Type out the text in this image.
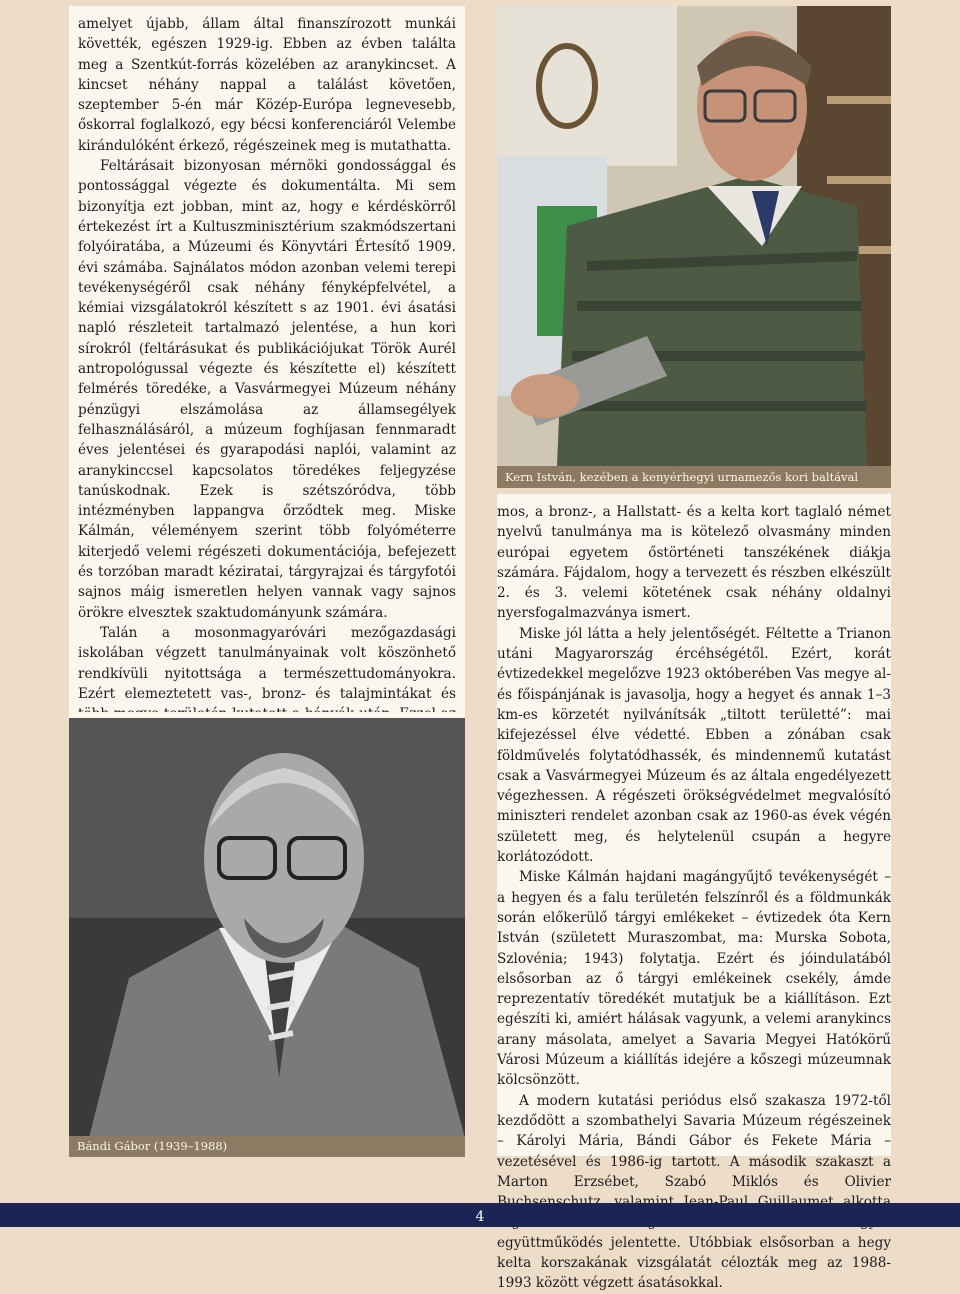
amelyet újabb, állam által finanszírozott munkái követték, egészen 1929-ig. Ebben az évben találta meg a Szentkút-forrás közelében az aranykincset. A kincset néhány nappal a találást követően, szeptember 5-én már Közép-Európa legnevesebb, őskorral foglalkozó, egy bécsi konferenciáról Velembe kirándulóként érkező, régészeinek meg is mutathatta.

Feltárásait bizonyosan mérnöki gondossággal és pontossággal végezte és dokumentálta. Mi sem bizonyítja ezt jobban, mint az, hogy e kérdéskörről értekezést írt a Kultuszminisztérium szakmódszertani folyóiratába, a Múzeumi és Könyvtári Értesítő 1909. évi számába. Sajnálatos módon azonban velemi terepi tevékenységéről csak néhány fényképfelvétel, a kémiai vizsgálatokról készített s az 1901. évi ásatási napló részleteit tartalmazó jelentése, a hun kori sírokról (feltárásukat és publikációjukat Török Aurél antropológussal végezte és készítette el) készített felmérés töredéke, a Vasvármegyei Múzeum néhány pénzügyi elszámolása az államsegélyek felhasználásáról, a múzeum foghíjasan fennmaradt éves jelentései és gyarapodási naplói, valamint az aranykinccsel kapcsolatos töredékes feljegyzése tanúskodnak. Ezek is szétszóródva, több intézményben lappangva őrződtek meg. Miske Kálmán, véleményem szerint több folyóméterre kiterjedő velemi régészeti dokumentációja, befejezett és torzóban maradt kéziratai, tárgyrajzai és tárgyfotói sajnos máig ismeretlen helyen vannak vagy sajnos örökre elvesztek szaktudományunk számára.

Talán a mosonmagyaróvári mezőgazdasági iskolában végzett tanulmányainak volt köszönhető rendkívüli nyitottsága a természettudományokra. Ezért elemeztetett vas-, bronz- és talajmintákat és

Kern István, kezében a kenyérhegyi urnamezős kori baltával

mos, a bronz-, a Hallstatt- és a kelta kort taglaló német nyelvű tanulmánya ma is kötelező olvasmány minden európai egyetem őstörténeti tanszékének diákja számára. Fájdalom, hogy a tervezett és részben elkészült 2. és 3. velemi kötetének csak néhány oldalnyi nyersfogalmazványa ismert.

Miske jól látta a hely jelentőségét. Féltette a Trianon utáni Magyarország ércéhségétől. Ezért, korát évtizedekkel megelőzve 1923 októberében Vas megye al- és főispánjának is javasolja, hogy a hegyet és annak 1–3 km-es körzetét nyilvánítsák „tiltott területté”: mai kifejezéssel élve védetté. Ebben a zónában csak földművelés folytatódhassék, és mindennemű kutatást csak a Vasvármegyei Múzeum és az általa engedélyezett végezhessen. A régészeti örökségvédelmet megvalósító miniszteri rendelet azonban csak az 1960-as évek végén született meg, és helytelenül csupán a hegyre korlátozódott.

Miske Kálmán hajdani magángyűjtő tevékenységét – a hegyen és a falu területén felszínről és a földmunkák során előkerülő tárgyi emlékeket – évtizedek óta Kern István (született Muraszombat, ma: Murska Sobota, Szlovénia; 1943) folytatja. Ezért és jóindulatából elsősorban az ő tárgyi emlékeinek csekély, ámde reprezentatív töredékét mutatjuk be a kiállításon. Ezt egészíti ki, amiért hálásak vagyunk, a velemi aranykincs arany másolata, amelyet a Savaria Megyei Hatókörű Városi Múzeum a kiállítás idejére a kőszegi múzeumnak kölcsönzött.

A modern kutatási periódus első szakasza 1972-től kezdődött a szombathelyi Savaria Múzeum régészeinek – Károlyi Mária, Bándi Gábor és Fekete Mária – vezetésével és 1986-ig tartott. A második szakaszt a Marton Erzsébet, Szabó Miklós és Olivier együttműködés jelentette. Utóbbiak elsősorban a hegy kelta korszakának vizsgálatát célozták meg az 1988-1993 között végzett ásatásokkal.

Bándi Gábor (1939–1988)
4
